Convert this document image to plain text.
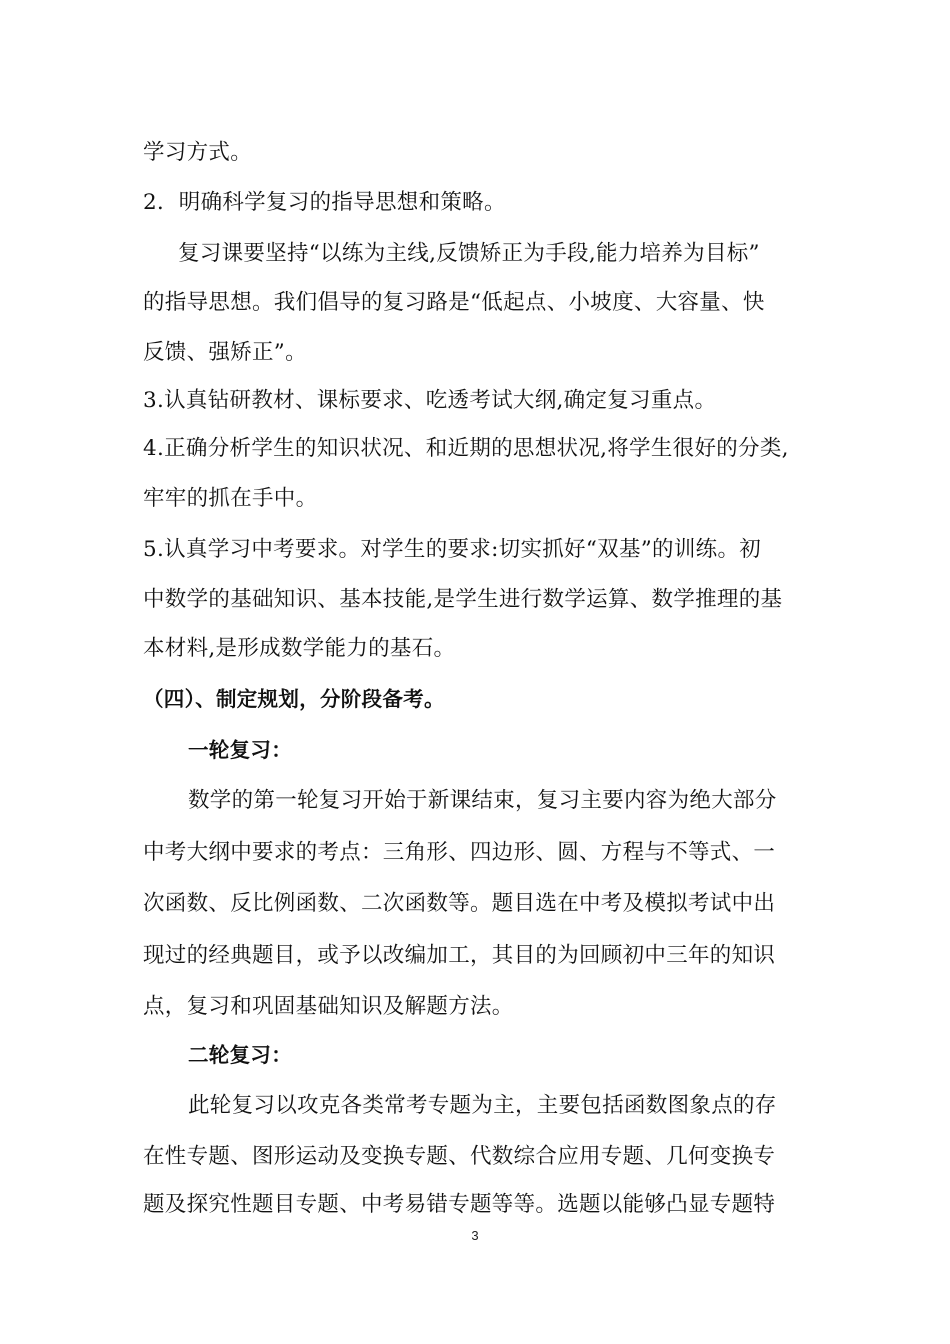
学习方式。
2．明确科学复习的指导思想和策略。
复习课要坚持“以练为主线,反馈矫正为手段,能力培养为目标”
的指导思想。我们倡导的复习路是“低起点、小坡度、大容量、快
反馈、强矫正”。
3.认真钻研教材、课标要求、吃透考试大纲,确定复习重点。
4.正确分析学生的知识状况、和近期的思想状况,将学生很好的分类,
牢牢的抓在手中。
5.认真学习中考要求。对学生的要求:切实抓好“双基”的训练。初
中数学的基础知识、基本技能,是学生进行数学运算、数学推理的基
本材料,是形成数学能力的基石。
（四）、制定规划，分阶段备考。
一轮复习：
数学的第一轮复习开始于新课结束，复习主要内容为绝大部分
中考大纲中要求的考点：三角形、四边形、圆、方程与不等式、一
次函数、反比例函数、二次函数等。题目选在中考及模拟考试中出
现过的经典题目，或予以改编加工，其目的为回顾初中三年的知识
点，复习和巩固基础知识及解题方法。
二轮复习：
此轮复习以攻克各类常考专题为主，主要包括函数图象点的存
在性专题、图形运动及变换专题、代数综合应用专题、几何变换专
题及探究性题目专题、中考易错专题等等。选题以能够凸显专题特
3
